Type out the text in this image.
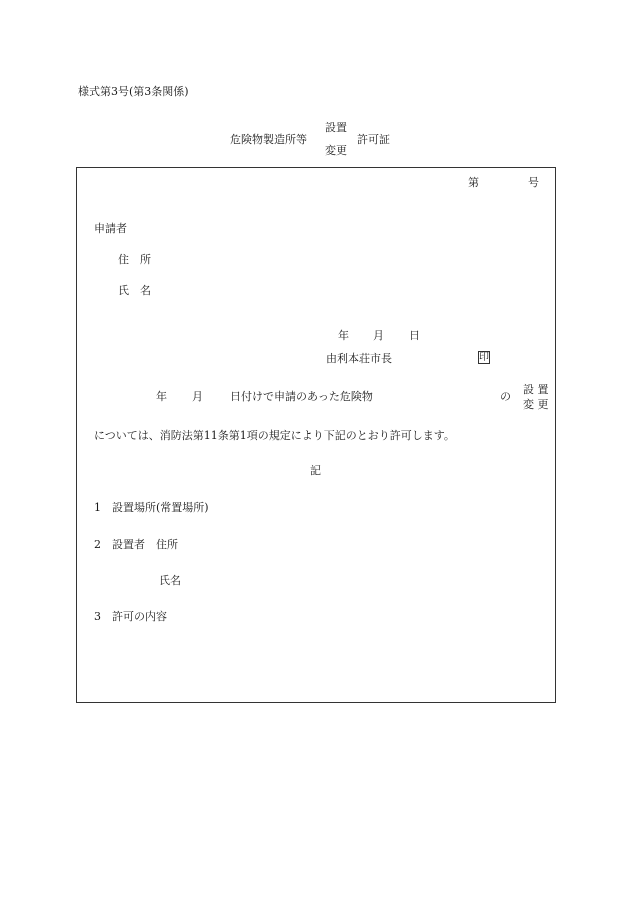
様式第3号(第3条関係)
危険物製造所等
設置
変更
許可証
第	号
申請者
住　所
氏　名
年 月 日
由利本荘市長	印
年 月 日付けで申請のあった危険物	の
設 置
変 更
については、消防法第11条第1項の規定により下記のとおり許可します。
記
1　設置場所(常置場所)
2　設置者　住所
氏名
3　許可の内容
